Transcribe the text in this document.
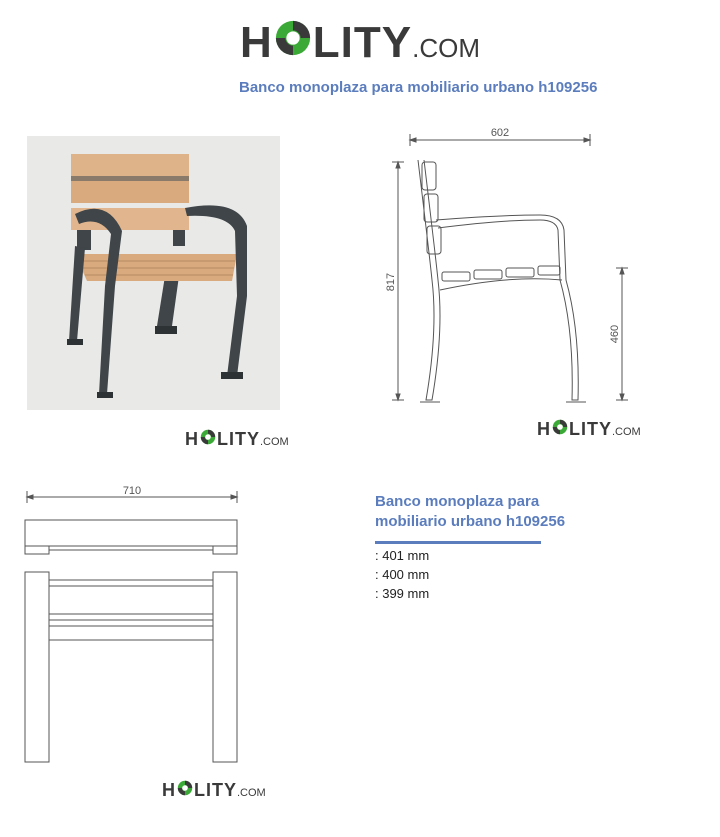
H LITY .COM
Banco monoplaza para mobiliario urbano h109256
H LITY .COM
602
817
460
H LITY .COM
710
H LITY .COM
Banco monoplaza para mobiliario urbano h109256
: 401 mm
: 400 mm
: 399 mm
